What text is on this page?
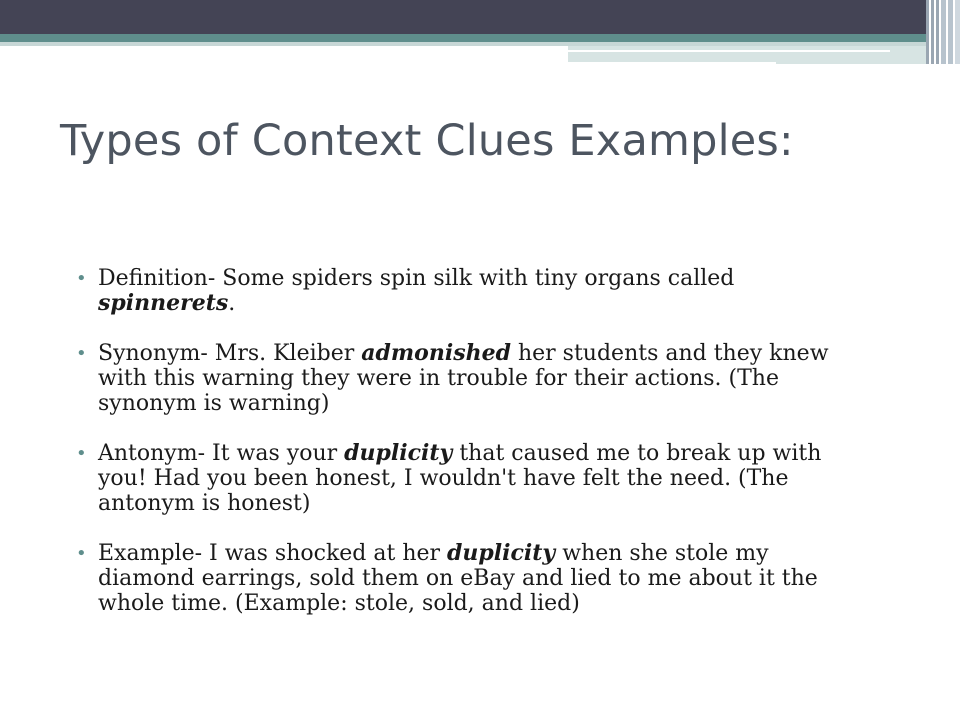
Types of Context Clues Examples:
• Definition- Some spiders spin silk with tiny organs called spinnerets.
• Synonym- Mrs. Kleiber admonished her students and they knew with this warning they were in trouble for their actions. (The synonym is warning)
• Antonym- It was your duplicity that caused me to break up with you! Had you been honest, I wouldn't have felt the need. (The antonym is honest)
• Example- I was shocked at her duplicity when she stole my diamond earrings, sold them on eBay and lied to me about it the whole time. (Example: stole, sold, and lied)
